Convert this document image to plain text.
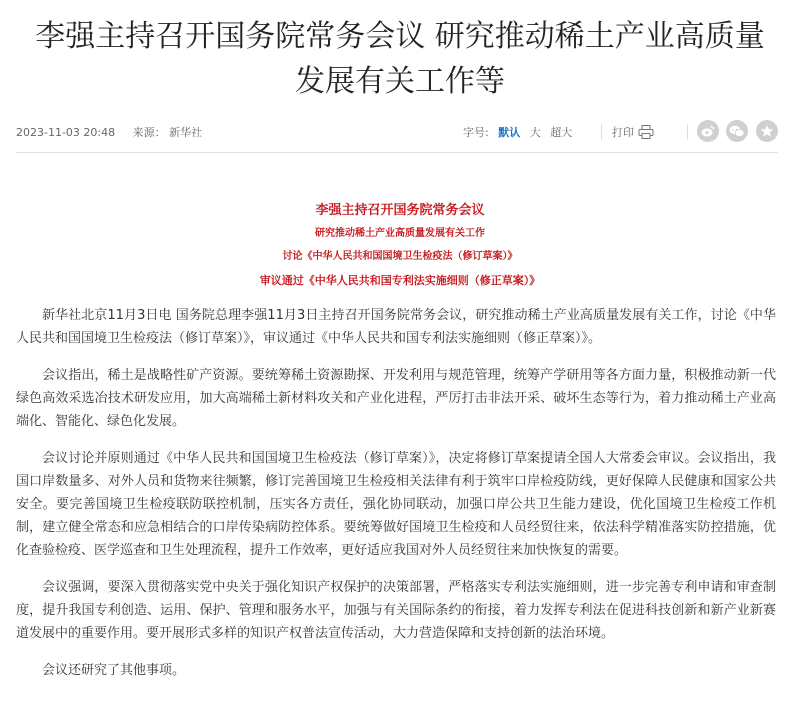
李强主持召开国务院常务会议 研究推动稀土产业高质量
发展有关工作等
2023-11-03 20:48 来源： 新华社	字号: 默认 大 超大	打印

李强主持召开国务院常务会议

研究推动稀土产业高质量发展有关工作

讨论《中华人民共和国国境卫生检疫法（修订草案）》

审议通过《中华人民共和国专利法实施细则（修正草案）》

新华社北京11月3日电 国务院总理李强11月3日主持召开国务院常务会议，研究推动稀土产业高质量发展有关工作，讨论《中华人民共和国国境卫生检疫法（修订草案）》，审议通过《中华人民共和国专利法实施细则（修正草案）》。

会议指出，稀土是战略性矿产资源。要统筹稀土资源勘探、开发利用与规范管理，统筹产学研用等各方面力量，积极推动新一代绿色高效采选冶技术研发应用，加大高端稀土新材料攻关和产业化进程，严厉打击非法开采、破坏生态等行为，着力推动稀土产业高端化、智能化、绿色化发展。

会议讨论并原则通过《中华人民共和国国境卫生检疫法（修订草案）》，决定将修订草案提请全国人大常委会审议。会议指出，我国口岸数量多、对外人员和货物来往频繁，修订完善国境卫生检疫相关法律有利于筑牢口岸检疫防线，更好保障人民健康和国家公共安全。要完善国境卫生检疫联防联控机制，压实各方责任，强化协同联动，加强口岸公共卫生能力建设，优化国境卫生检疫工作机制，建立健全常态和应急相结合的口岸传染病防控体系。要统筹做好国境卫生检疫和人员经贸往来，依法科学精准落实防控措施，优化查验检疫、医学巡查和卫生处理流程，提升工作效率，更好适应我国对外人员经贸往来加快恢复的需要。

会议强调，要深入贯彻落实党中央关于强化知识产权保护的决策部署，严格落实专利法实施细则，进一步完善专利申请和审查制度，提升我国专利创造、运用、保护、管理和服务水平，加强与有关国际条约的衔接，着力发挥专利法在促进科技创新和新产业新赛道发展中的重要作用。要开展形式多样的知识产权普法宣传活动，大力营造保障和支持创新的法治环境。

会议还研究了其他事项。
